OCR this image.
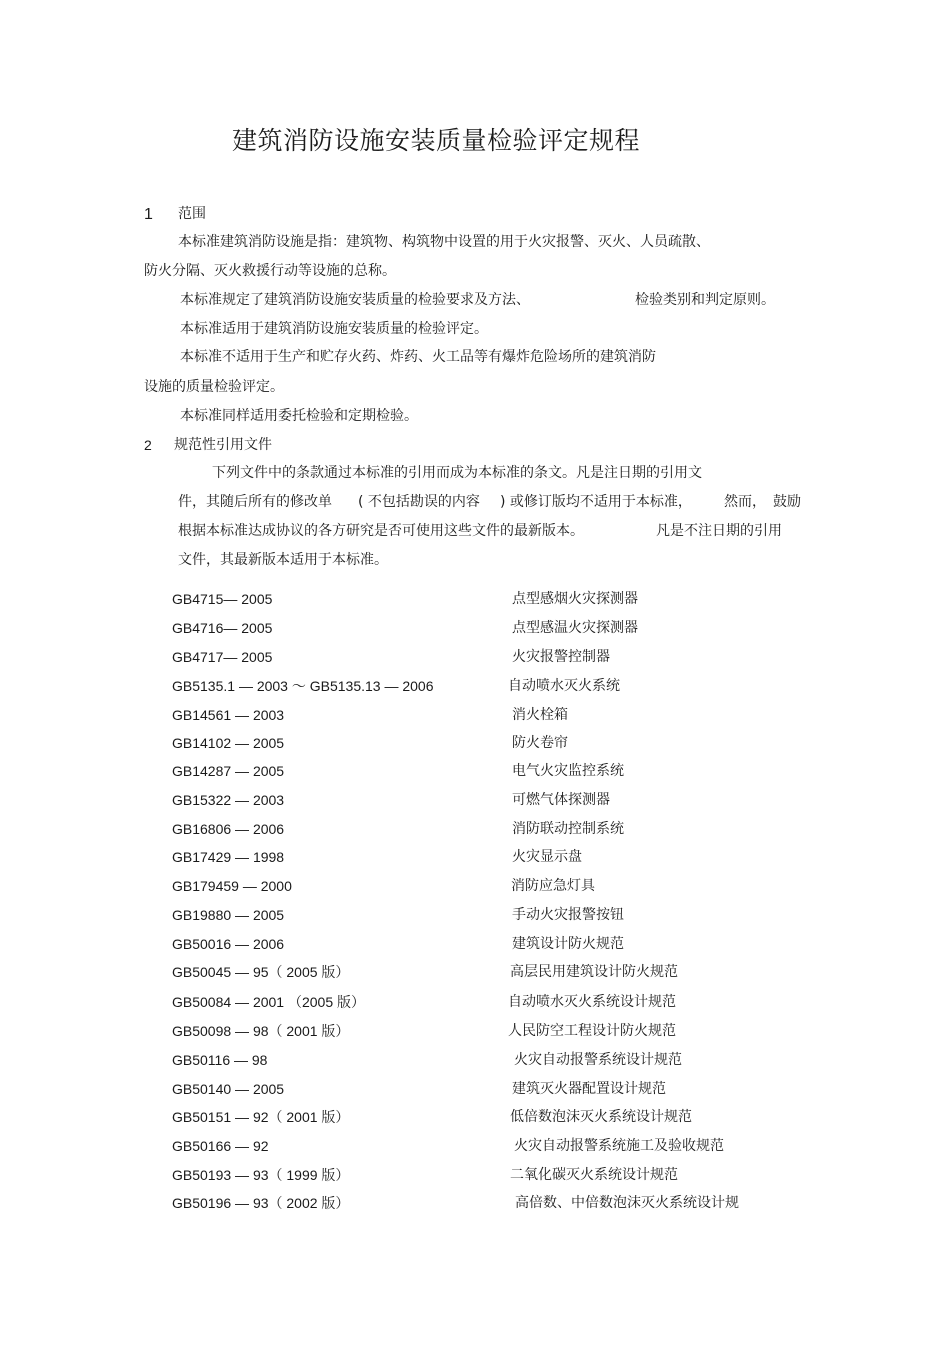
建筑消防设施安装质量检验评定规程
1 范围
本标准建筑消防设施是指：建筑物、构筑物中设置的用于火灾报警、灭火、人员疏散、
防火分隔、灭火救援行动等设施的总称。
本标准规定了建筑消防设施安装质量的检验要求及方法、	检验类别和判定原则。
本标准适用于建筑消防设施安装质量的检验评定。
本标准不适用于生产和贮存火药、炸药、火工品等有爆炸危险场所的建筑消防
设施的质量检验评定。
本标准同样适用委托检验和定期检验。
2 规范性引用文件
下列文件中的条款通过本标准的引用而成为本标准的条文。凡是注日期的引用文
件，其随后所有的修改单 ( 不包括勘误的内容 ) 或修订版均不适用于本标准， 然而， 鼓励
根据本标准达成协议的各方研究是否可使用这些文件的最新版本。	凡是不注日期的引用
文件，其最新版本适用于本标准。
GB4715— 2005	点型感烟火灾探测器
GB4716— 2005	点型感温火灾探测器
GB4717— 2005	火灾报警控制器
GB5135.1 — 2003 ～ GB5135.13 — 2006	自动喷水灭火系统
GB14561 — 2003	消火栓箱
GB14102 — 2005	防火卷帘
GB14287 — 2005	电气火灾监控系统
GB15322 — 2003	可燃气体探测器
GB16806 — 2006	消防联动控制系统
GB17429 — 1998	火灾显示盘
GB179459 — 2000	消防应急灯具
GB19880 — 2005	手动火灾报警按钮
GB50016 — 2006	建筑设计防火规范
GB50045 — 95（ 2005 版）	高层民用建筑设计防火规范
GB50084 — 2001 （2005 版）	自动喷水灭火系统设计规范
GB50098 — 98（ 2001 版）	人民防空工程设计防火规范
GB50116 — 98	火灾自动报警系统设计规范
GB50140 — 2005	建筑灭火器配置设计规范
GB50151 — 92（ 2001 版）	低倍数泡沫灭火系统设计规范
GB50166 — 92	火灾自动报警系统施工及验收规范
GB50193 — 93（ 1999 版）	二氧化碳灭火系统设计规范
GB50196 — 93（ 2002 版）	高倍数、中倍数泡沫灭火系统设计规
